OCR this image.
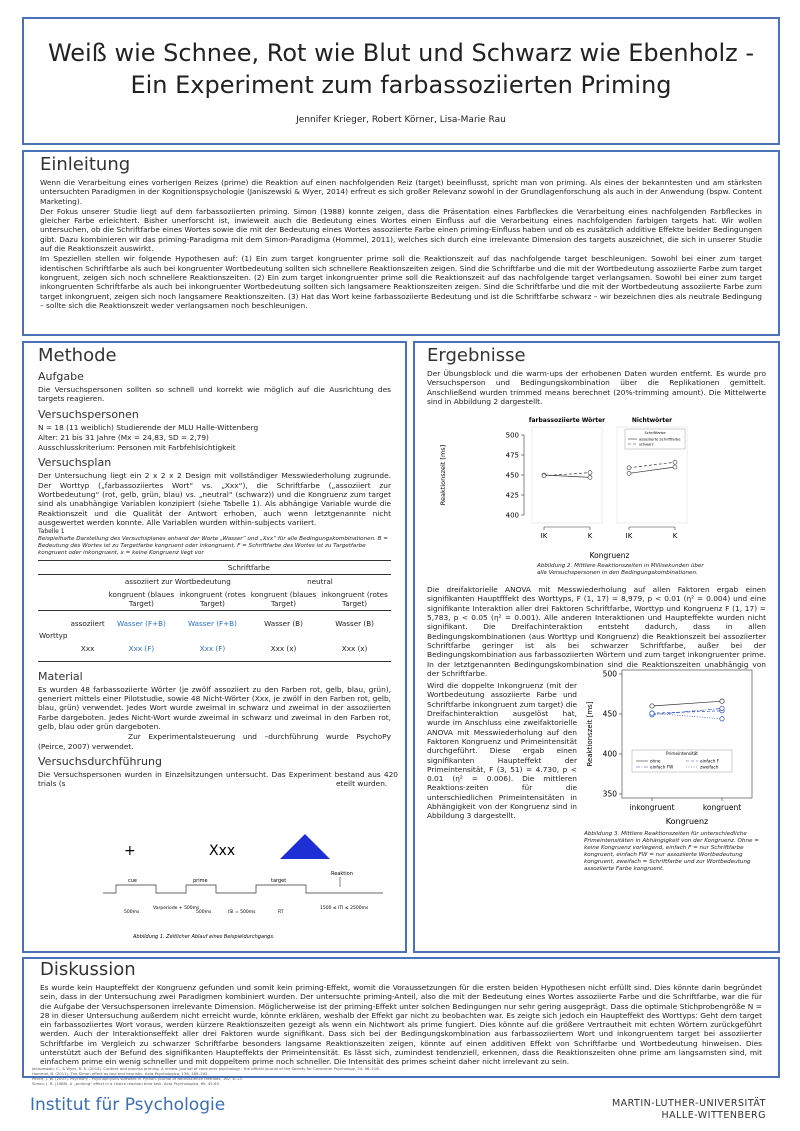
Weiß wie Schnee, Rot wie Blut und Schwarz wie Ebenholz -
Ein Experiment zum farbassoziierten Priming
Jennifer Krieger, Robert Körner, Lisa-Marie Rau
Einleitung

Wenn die Verarbeitung eines vorherigen Reizes (prime) die Reaktion auf einen nachfolgenden Reiz (target) beeinflusst, spricht man von priming. Als eines der bekanntesten und am stärksten untersuchten Paradigmen in der Kognitionspsychologie (Janiszewski & Wyer, 2014) erfreut es sich großer Relevanz sowohl in der Grundlagenforschung als auch in der Anwendung (bspw. Content Marketing).

Der Fokus unserer Studie liegt auf dem farbassoziierten priming. Simon (1988) konnte zeigen, dass die Präsentation eines Farbfleckes die Verarbeitung eines nachfolgenden Farbfleckes in gleicher Farbe erleichtert. Bisher unerforscht ist, inwieweit auch die Bedeutung eines Wortes einen Einfluss auf die Verarbeitung eines nachfolgenden farbigen targets hat. Wir wollen untersuchen, ob die Schriftfarbe eines Wortes sowie die mit der Bedeutung eines Wortes assoziierte Farbe einen priming-Einfluss haben und ob es zusätzlich additive Effekte beider Bedingungen gibt. Dazu kombinieren wir das priming-Paradigma mit dem Simon-Paradigma (Hommel, 2011), welches sich durch eine irrelevante Dimension des targets auszeichnet, die sich in unserer Studie auf die Reaktionszeit auswirkt.

Im Speziellen stellen wir folgende Hypothesen auf: (1) Ein zum target kongruenter prime soll die Reaktionszeit auf das nachfolgende target beschleunigen. Sowohl bei einer zum target identischen Schriftfarbe als auch bei kongruenter Wortbedeutung sollten sich schnellere Reaktionszeiten zeigen. Sind die Schriftfarbe und die mit der Wortbedeutung assoziierte Farbe zum target kongruent, zeigen sich noch schnellere Reaktionszeiten. (2) Ein zum target inkongruenter prime soll die Reaktionszeit auf das nachfolgende target verlangsamen. Sowohl bei einer zum target inkongruenten Schriftfarbe als auch bei inkongruenter Wortbedeutung sollten sich langsamere Reaktionszeiten zeigen. Sind die Schriftfarbe und die mit der Wortbedeutung assoziierte Farbe zum target inkongruent, zeigen sich noch langsamere Reaktionszeiten. (3) Hat das Wort keine farbassoziierte Bedeutung und ist die Schriftfarbe schwarz – wir bezeichnen dies als neutrale Bedingung – sollte sich die Reaktionszeit weder verlangsamen noch beschleunigen.

Methode
Aufgabe

Die Versuchspersonen sollten so schnell und korrekt wie möglich auf die Ausrichtung des targets reagieren.

Versuchspersonen

N = 18 (11 weiblich) Studierende der MLU Halle-Wittenberg

Alter: 21 bis 31 Jahre (Mx = 24,83, SD = 2,79)

Ausschlusskriterium: Personen mit Farbfehlsichtigkeit

Versuchsplan

Der Untersuchung liegt ein 2 x 2 x 2 Design mit vollständiger Messwiederholung zugrunde. Der Worttyp („farbassoziiertes Wort“ vs. „Xxx“), die Schriftfarbe („assoziiert zur Wortbedeutung“ (rot, gelb, grün, blau) vs. „neutral“ (schwarz)) und die Kongruenz zum target sind als unabhängige Variablen konzipiert (siehe Tabelle 1). Als abhängige Variable wurde die Reaktionszeit und die Qualität der Antwort erhoben, auch wenn letztgenannte nicht ausgewertet werden konnte. Alle Variablen wurden within-subjects variiert.

Tabelle 1
Beispielhafte Darstellung des Versuchsplanes anhand der Worte „Wasser“ und „Xxx“ für alle Bedingungskombinationen. B = Bedeutung des Wortes ist zu Targetfarbe kongruent oder inkongruent, F = Schriftfarbe des Wortes ist zu Targetfarbe kongruent oder inkongruent, x = keine Kongruenz liegt vor
		Schriftfarbe			
		assoziiert zur Wortbedeutung		neutral	
		kongruent (blaues Target)	inkongruent (rotes Target)	kongruent (blaues Target)	inkongruent (rotes Target)
Worttyp	assoziiert	Wasser (F+B)	Wasser (F+B)	Wasser (B)	Wasser (B)
	Xxx	Xxx (F)	Xxx (F)	Xxx (x)	Xxx (x)
Material

Es wurden 48 farbassoziierte Wörter (je zwölf assoziiert zu den Farben rot, gelb, blau, grün), generiert mittels einer Pilotstudie, sowie 48 Nicht-Wörter (Xxx, je zwölf in den Farben rot, gelb, blau, grün) verwendet. Jedes Wort wurde zweimal in schwarz und zweimal in der assoziierten Farbe dargeboten. Jedes Nicht-Wort wurde zweimal in schwarz und zweimal in den Farben rot, gelb, blau oder grün dargeboten.

Zur Experimentalsteuerung und –durchführung wurde PsychoPy (Peirce, 2007) verwendet.

Versuchsdurchführung

Die Versuchspersonen wurden in Einzelsitzungen untersucht. Das Experiment bestand aus 420 trials (s	eteilt wurden.

+	Xxx
Reaktion
cue	prime	target
500ms
Varperiode + 500ms
500ms	ISI = 500ms	RT
1500 ≤ ITI ≤ 2500ms
Abbildung 1. Zeitlicher Ablauf eines Beispieldurchgangs.
Ergebnisse

Der Übungsblock und die warm-ups der erhobenen Daten wurden entfernt. Es wurde pro Versuchsperson und Bedingungskombination über die Replikationen gemittelt. Anschließend wurden trimmed means berechnet (20%-trimming amount). Die Mittelwerte sind in Abbildung 2 dargestellt.

Reaktionszeit [ms]
400
425
450
475
500
farbassoziierte Wörter
IK	K
Nichtwörter
IK	K
Schriftfarbe
assoziierte Schriftfarbe
schwarz
Kongruenz
Abbildung 2. Mittlere Reaktionszeiten in Millisekunden über alle Versuchspersonen in den Bedingungskombinationen.

Die dreifaktorielle ANOVA mit Messwiederholung auf allen Faktoren ergab einen signifikanten Hauptfffekt des Worttyps, F (1, 17) = 8,979, p < 0.01 (η² = 0.004) und eine signifikante Interaktion aller drei Faktoren Schriftfarbe, Worttyp und Kongruenz F (1, 17) = 5,783, p < 0.05 (η² = 0.001). Alle anderen Interaktionen und Haupteffekte wurden nicht signifikant. Die Dreifachinteraktion entsteht dadurch, dass in allen Bedingungskombinationen (aus Worttyp und Kongruenz) die Reaktionszeit bei assoziierter Schriftfarbe geringer ist als bei schwarzer Schriftfarbe, außer bei der Bedingungskombination aus farbassoziierten Wörtern und zum target inkongruenter prime. In der letztgenannten Bedingungskombination sind die Reaktionszeiten unabhängig von der Schriftfarbe.

Wird die doppelte Inkongruenz (mit der Wortbedeutung assoziierte Farbe und Schriftfarbe inkongruent zum target) die Dreifachinteraktion ausgelöst hat, wurde im Anschluss eine zweifaktorielle ANOVA mit Messwiederholung auf den Faktoren Kongruenz und Primeintensität durchgeführt. Diese ergab einen signifikanten Haupteffekt der Primeintensität, F (3, 51) = 4.730, p < 0.01 (η² = 0.006). Die mittleren Reaktions-zeiten für die unterschiedlichen Primeintensitäten in Abhängigkeit von der Kongruenz sind in Abbildung 3 dargestellt.

Reaktionszeit [ms]
350
400
450
500
inkongruent	kongruent
Primeintensität
ohne	einfach F
einfach FW	zweifach
Kongruenz
Abbildung 3. Mittlere Reaktionszeiten für unterschiedliche Primeintensitäten in Abhängigkeit von der Kongruenz. Ohne = keine Kongruenz vorliegend, einfach F = nur Schriftfarbe kongruent, einfach FW = nur assoziierte Wortbedeutung kongruent, zweifach = Schriftfarbe und zur Wortbedeutung assoziierte Farbe kongruent.
Diskussion

Es wurde kein Haupteffekt der Kongruenz gefunden und somit kein priming-Effekt, womit die Voraussetzungen für die ersten beiden Hypothesen nicht erfüllt sind. Dies könnte darin begründet sein, dass in der Untersuchung zwei Paradigmen kombiniert wurden. Der untersuchte priming-Anteil, also die mit der Bedeutung eines Wortes assoziierte Farbe und die Schriftfarbe, war die für die Aufgabe der Versuchspersonen irrelevante Dimension. Möglicherweise ist der priming-Effekt unter solchen Bedingungen nur sehr gering ausgeprägt. Dass die optimale Stichprobengröße N = 28 in dieser Untersuchung außerdem nicht erreicht wurde, könnte erklären, weshalb der Effekt gar nicht zu beobachten war. Es zeigte sich jedoch ein Haupteffekt des Worttyps: Geht dem target ein farbassoziiertes Wort voraus, werden kürzere Reaktionszeiten gezeigt als wenn ein Nichtwort als prime fungiert. Dies könnte auf die größere Vertrautheit mit echten Wörtern zurückgeführt werden. Auch der Interaktionseffekt aller drei Faktoren wurde signifikant. Dass sich bei der Bedingungskombination aus farbassoziiertem Wort und inkongruentem target bei assoziierter Schriftfarbe im Vergleich zu schwarzer Schriftfarbe besonders langsame Reaktionszeiten zeigen, könnte auf einen additiven Effekt von Schriftfarbe und Wortbedeutung hinweisen. Dies unterstützt auch der Befund des signifikanten Haupteffekts der Primeintensität. Es lässt sich, zumindest tendenziell, erkennen, dass die Reaktionszeiten ohne prime am langsamsten sind, mit einfachem prime ein wenig schneller und mit doppeltem prime noch schneller. Die Intensität des primes scheint daher nicht irrelevant zu sein.

Janiszewski, C., & Wyer, R. S. (2014). Content and process priming: A review. Journal of consumer psychology : the official journal of the Society for Consumer Psychology, 24, 96–118.
Hommel, B. (2011). The Simon effect as tool and heuristic. Acta Psychologica, 136, 189–202.
Peirce, J. W. (2007). PsychoPy - Psychophysics software in Python. Journal of Neuroscience Methods, 162, 8–13.
Simon, J. R. (1988). A „priming“ effect in a choice reaction time task. Acta Psychologica, 69, 45-65.
Institut für Psychologie	MARTIN-LUTHER-UNIVERSITÄT
HALLE-WITTENBERG
